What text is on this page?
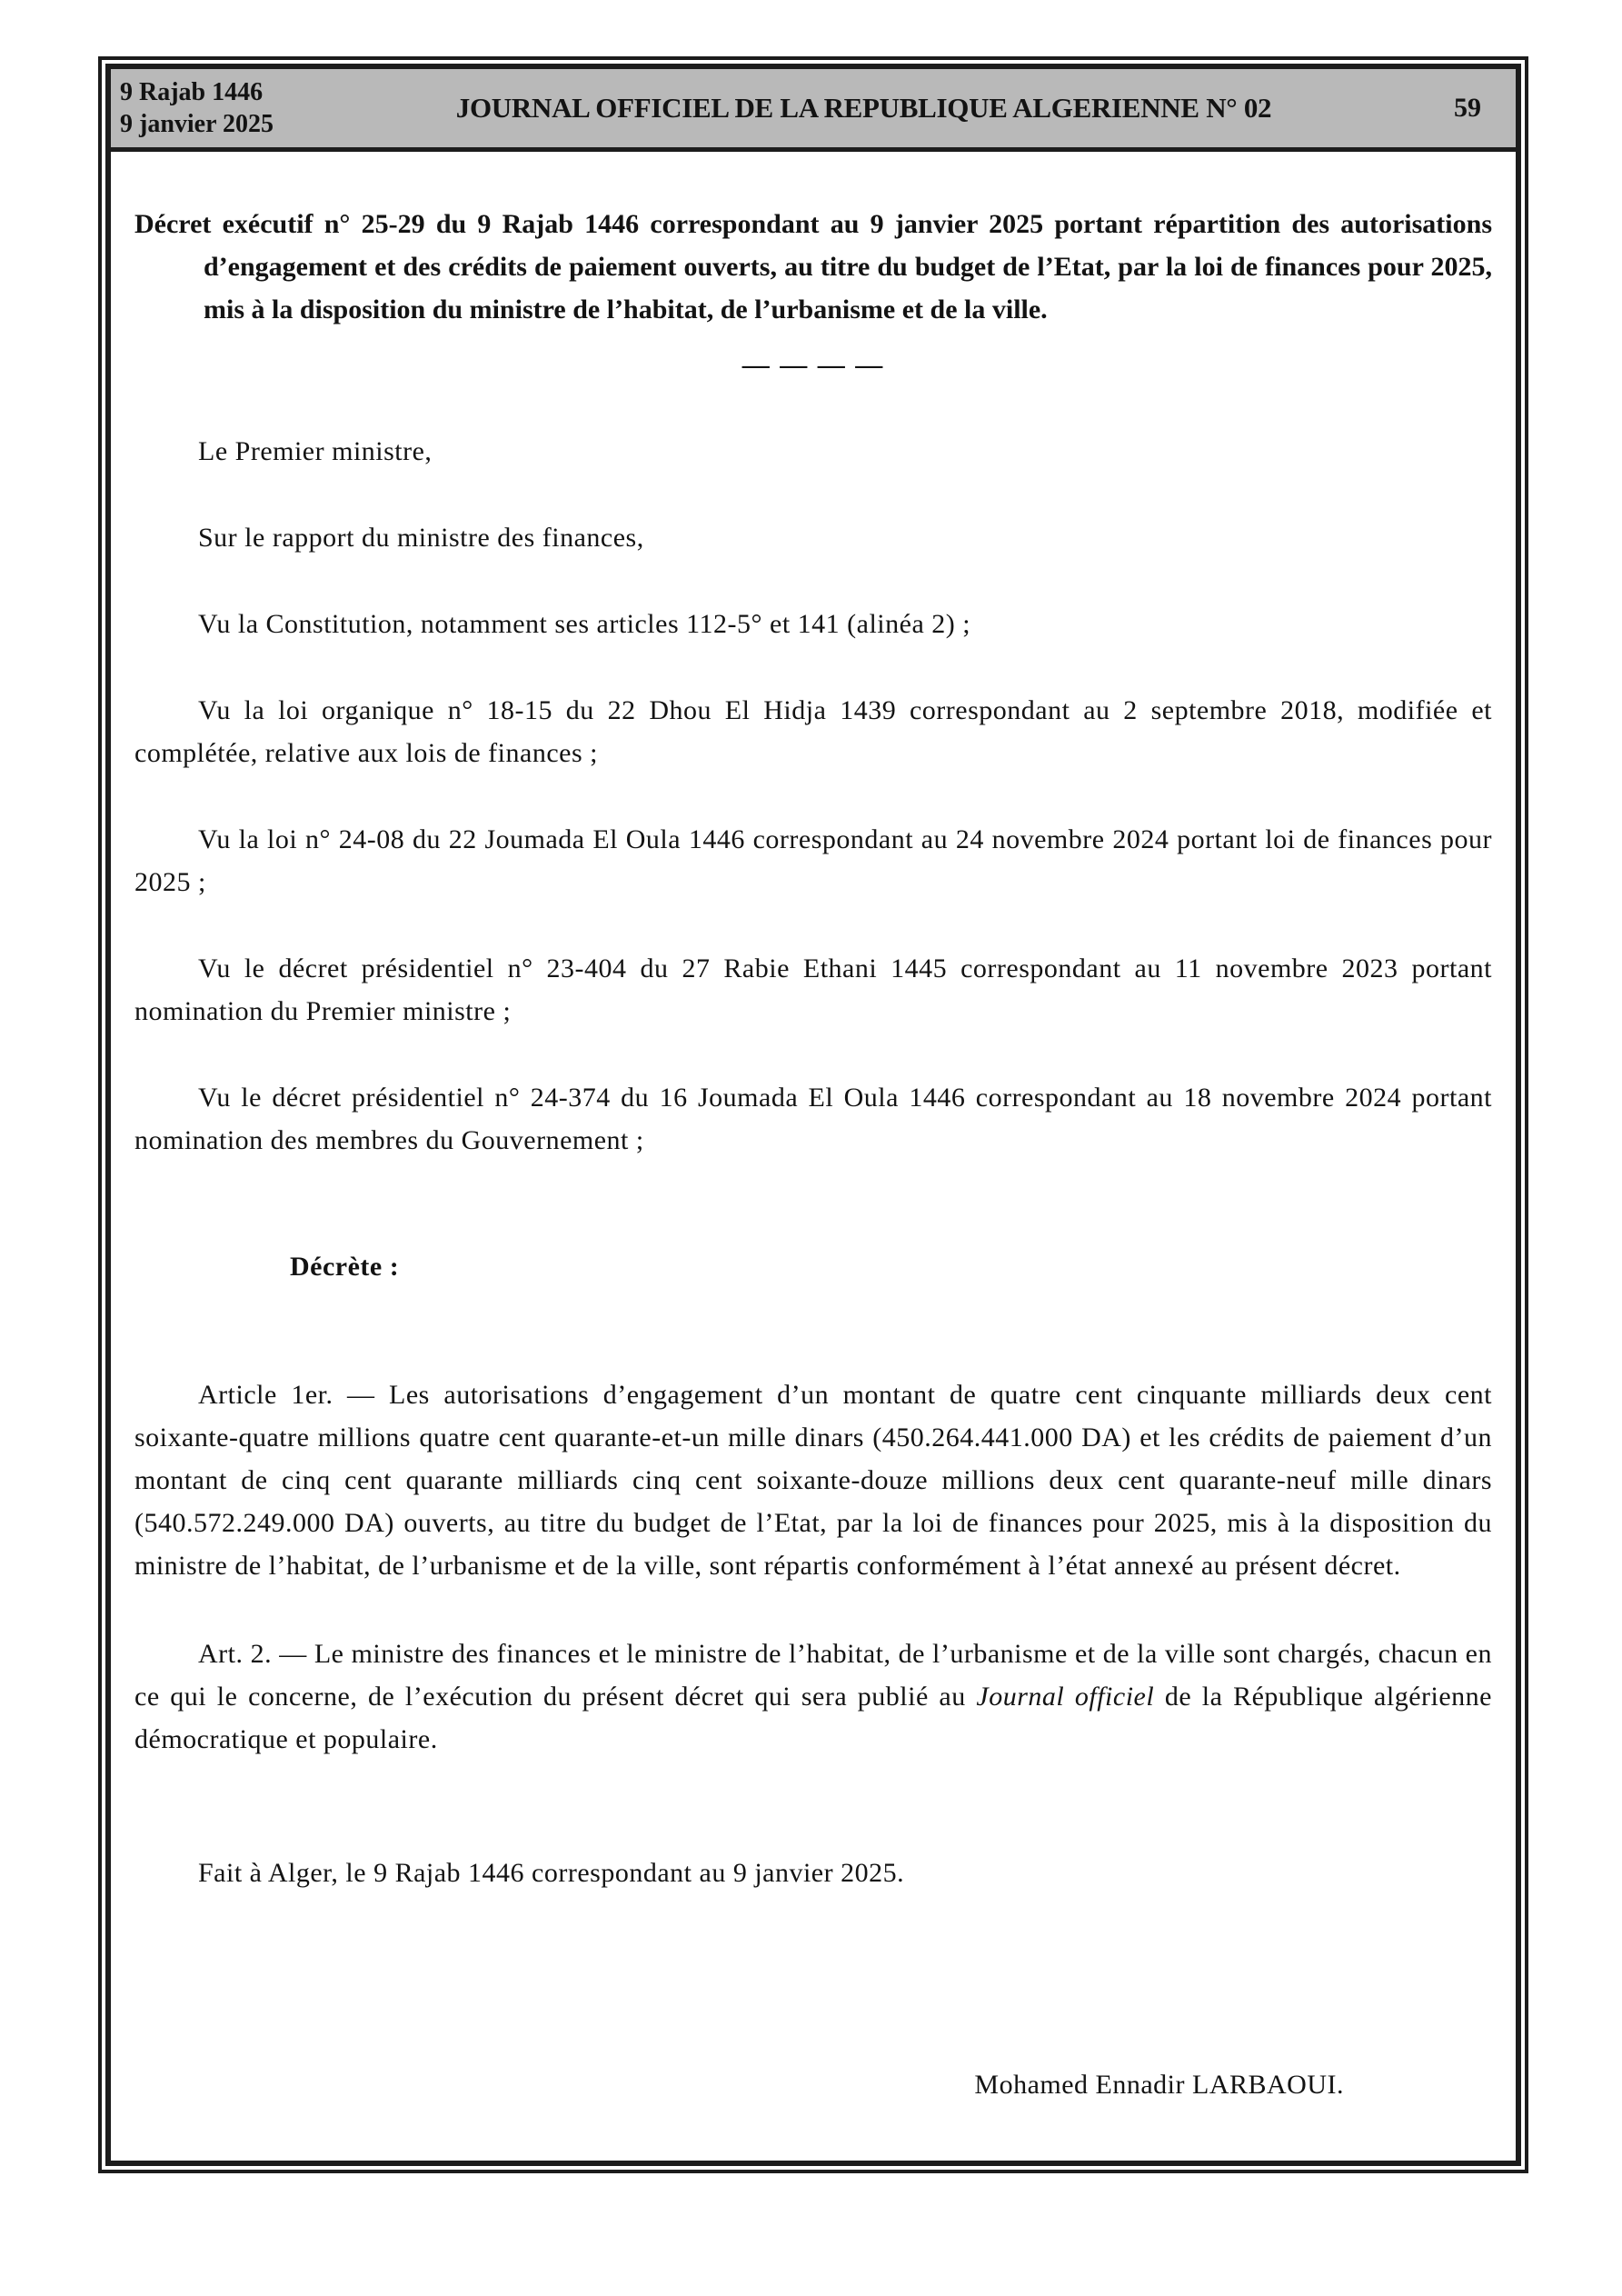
9 Rajab 1446
9 janvier 2025
JOURNAL OFFICIEL DE LA REPUBLIQUE ALGERIENNE N° 02	59

Décret exécutif n° 25-29 du 9 Rajab 1446 correspondant au 9 janvier 2025 portant répartition des autorisations d’engagement et des crédits de paiement ouverts, au titre du budget de l’Etat, par la loi de finances pour 2025, mis à la disposition du ministre de l’habitat, de l’urbanisme et de la ville.

— — — —

Le Premier ministre,

Sur le rapport du ministre des finances,

Vu la Constitution, notamment ses articles 112-5° et 141 (alinéa 2) ;

Vu la loi organique n° 18-15 du 22 Dhou El Hidja 1439 correspondant au 2 septembre 2018, modifiée et complétée, relative aux lois de finances ;

Vu la loi n° 24-08 du 22 Joumada El Oula 1446 correspondant au 24 novembre 2024 portant loi de finances pour 2025 ;

Vu le décret présidentiel n° 23-404 du 27 Rabie Ethani 1445 correspondant au 11 novembre 2023 portant nomination du Premier ministre ;

Vu le décret présidentiel n° 24-374 du 16 Joumada El Oula 1446 correspondant au 18 novembre 2024 portant nomination des membres du Gouvernement ;

Décrète :

Article 1er. — Les autorisations d’engagement d’un montant de quatre cent cinquante milliards deux cent soixante-quatre millions quatre cent quarante-et-un mille dinars (450.264.441.000 DA) et les crédits de paiement d’un montant de cinq cent quarante milliards cinq cent soixante-douze millions deux cent quarante-neuf mille dinars (540.572.249.000 DA) ouverts, au titre du budget de l’Etat, par la loi de finances pour 2025, mis à la disposition du ministre de l’habitat, de l’urbanisme et de la ville, sont répartis conformément à l’état annexé au présent décret.

Art. 2. — Le ministre des finances et le ministre de l’habitat, de l’urbanisme et de la ville sont chargés, chacun en ce qui le concerne, de l’exécution du présent décret qui sera publié au Journal officiel de la République algérienne démocratique et populaire.

Fait à Alger, le 9 Rajab 1446 correspondant au 9 janvier 2025.

Mohamed Ennadir LARBAOUI.
